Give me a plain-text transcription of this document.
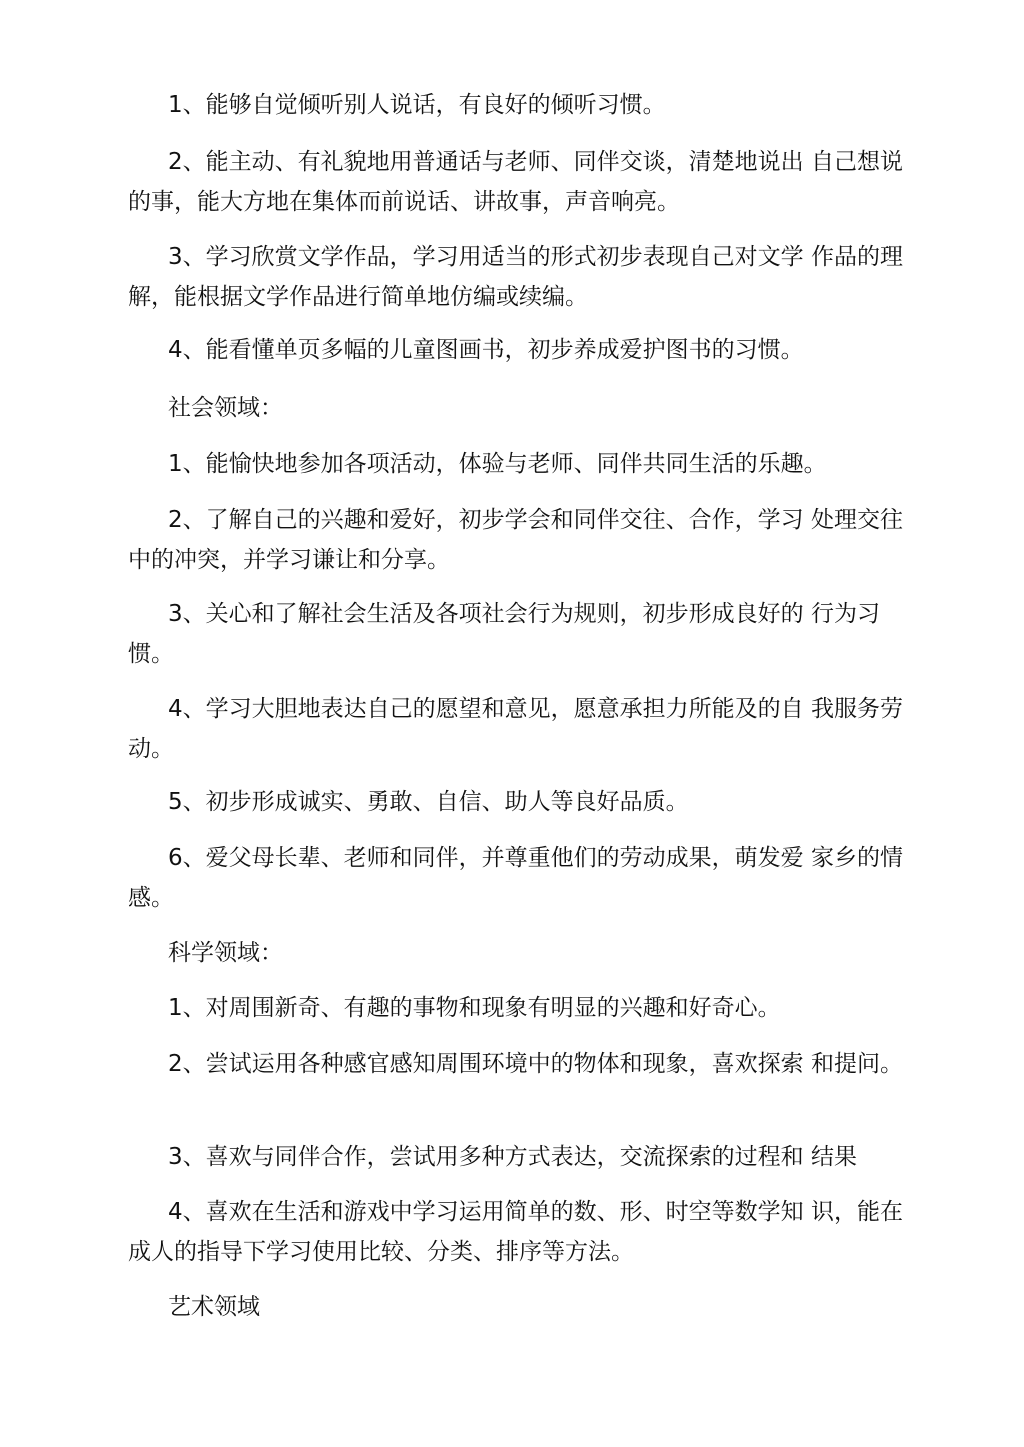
1、能够自觉倾听别人说话，有良好的倾听习惯。

2、能主动、有礼貌地用普通话与老师、同伴交谈，清楚地说出 自己想说的事，能大方地在集体而前说话、讲故事，声音响亮。

3、学习欣赏文学作品，学习用适当的形式初步表现自己对文学 作品的理解，能根据文学作品进行简单地仿编或续编。

4、能看懂单页多幅的儿童图画书，初步养成爱护图书的习惯。

社会领域：

1、能愉快地参加各项活动，体验与老师、同伴共同生活的乐趣。

2、了解自己的兴趣和爱好，初步学会和同伴交往、合作，学习 处理交往中的冲突，并学习谦让和分享。

3、关心和了解社会生活及各项社会行为规则，初步形成良好的 行为习惯。

4、学习大胆地表达自己的愿望和意见，愿意承担力所能及的自 我服务劳动。

5、初步形成诚实、勇敢、自信、助人等良好品质。

6、爱父母长辈、老师和同伴，并尊重他们的劳动成果，萌发爱 家乡的情感。

科学领域：

1、对周围新奇、有趣的事物和现象有明显的兴趣和好奇心。

2、尝试运用各种感官感知周围环境中的物体和现象，喜欢探索 和提问。

3、喜欢与同伴合作，尝试用多种方式表达，交流探索的过程和 结果

4、喜欢在生活和游戏中学习运用简单的数、形、时空等数学知 识，能在成人的指导下学习使用比较、分类、排序等方法。

艺术领域
